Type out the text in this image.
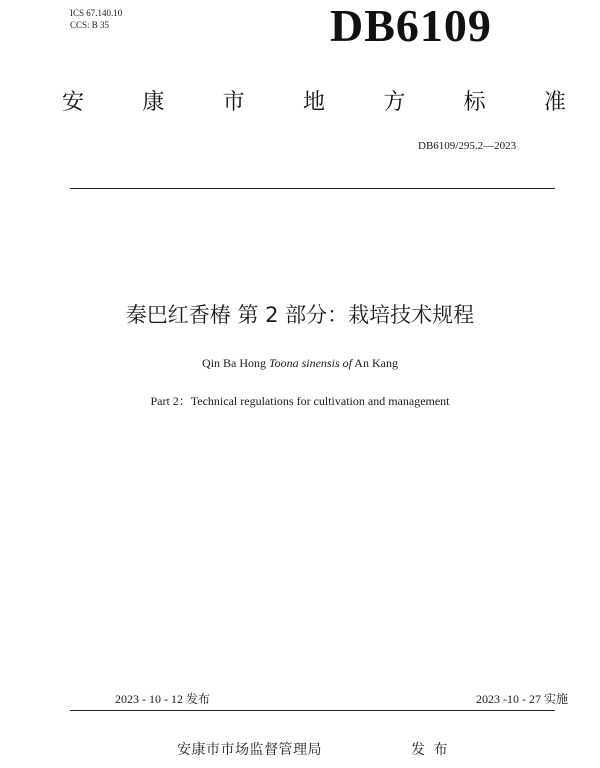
ICS 67.140.10
CCS: B 35	DB6109
安	康	市	地	方	标	准
DB6109/295.2—2023
秦巴红香椿 第 2 部分：栽培技术规程
Qin Ba Hong Toona sinensis of An Kang
Part 2：Technical regulations for cultivation and management
2023 - 10 - 12 发布	2023 -10 - 27 实施
安康市市场监督管理局	发 布
